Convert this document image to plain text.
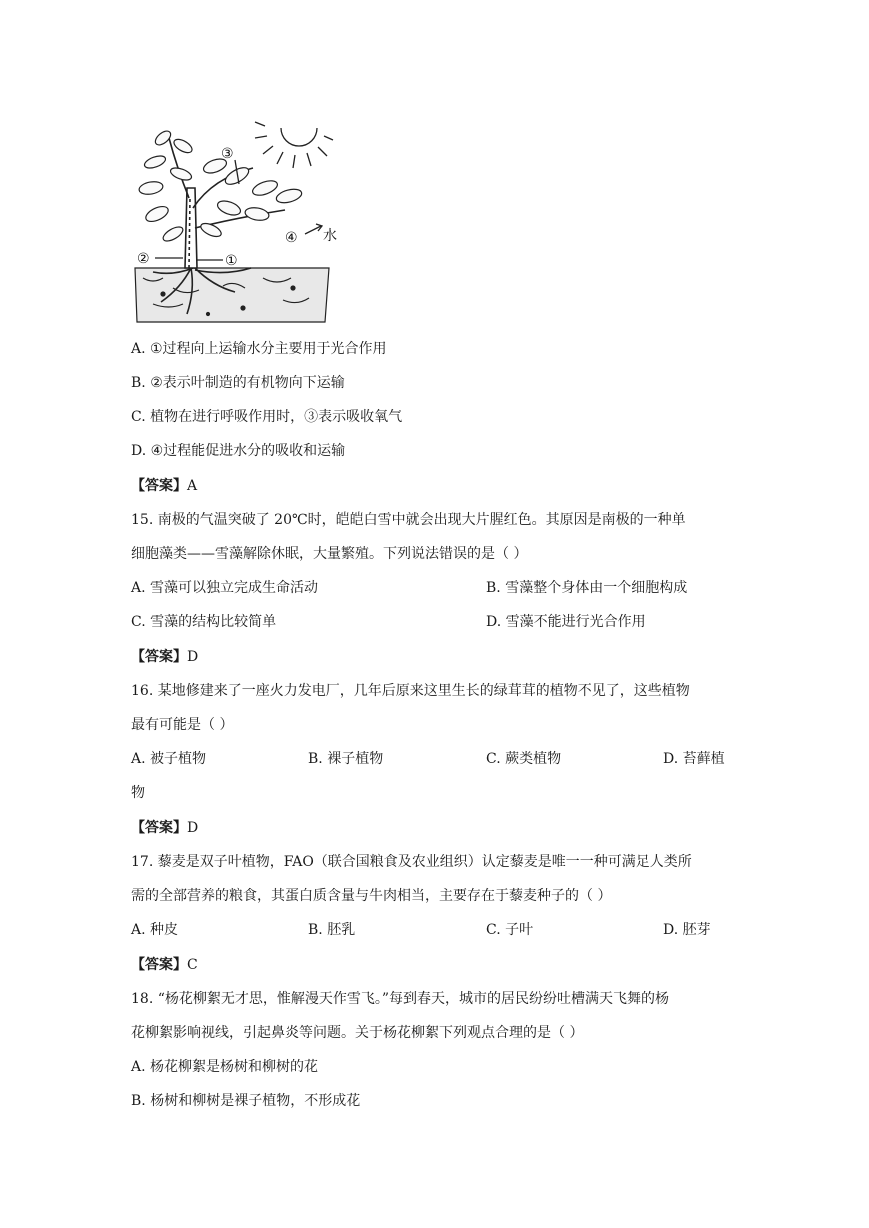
③
④ 水
②	①
A. ①过程向上运输水分主要用于光合作用
B. ②表示叶制造的有机物向下运输
C. 植物在进行呼吸作用时，③表示吸收氧气
D. ④过程能促进水分的吸收和运输
【答案】A
15. 南极的气温突破了 20℃时，皑皑白雪中就会出现大片腥红色。其原因是南极的一种单
细胞藻类——雪藻解除休眠，大量繁殖。下列说法错误的是（ ）
A. 雪藻可以独立完成生命活动	B. 雪藻整个身体由一个细胞构成
C. 雪藻的结构比较简单	D. 雪藻不能进行光合作用
【答案】D
16. 某地修建来了一座火力发电厂，几年后原来这里生长的绿茸茸的植物不见了，这些植物
最有可能是（ ）
A. 被子植物	B. 裸子植物	C. 蕨类植物	D. 苔藓植
物
【答案】D
17. 藜麦是双子叶植物，FAO（联合国粮食及农业组织）认定藜麦是唯一一种可满足人类所
需的全部营养的粮食，其蛋白质含量与牛肉相当，主要存在于藜麦种子的（ ）
A. 种皮	B. 胚乳	C. 子叶	D. 胚芽
【答案】C
18. “杨花柳絮无才思，惟解漫天作雪飞。”每到春天，城市的居民纷纷吐槽满天飞舞的杨
花柳絮影响视线，引起鼻炎等问题。关于杨花柳絮下列观点合理的是（ ）
A. 杨花柳絮是杨树和柳树的花
B. 杨树和柳树是裸子植物，不形成花
